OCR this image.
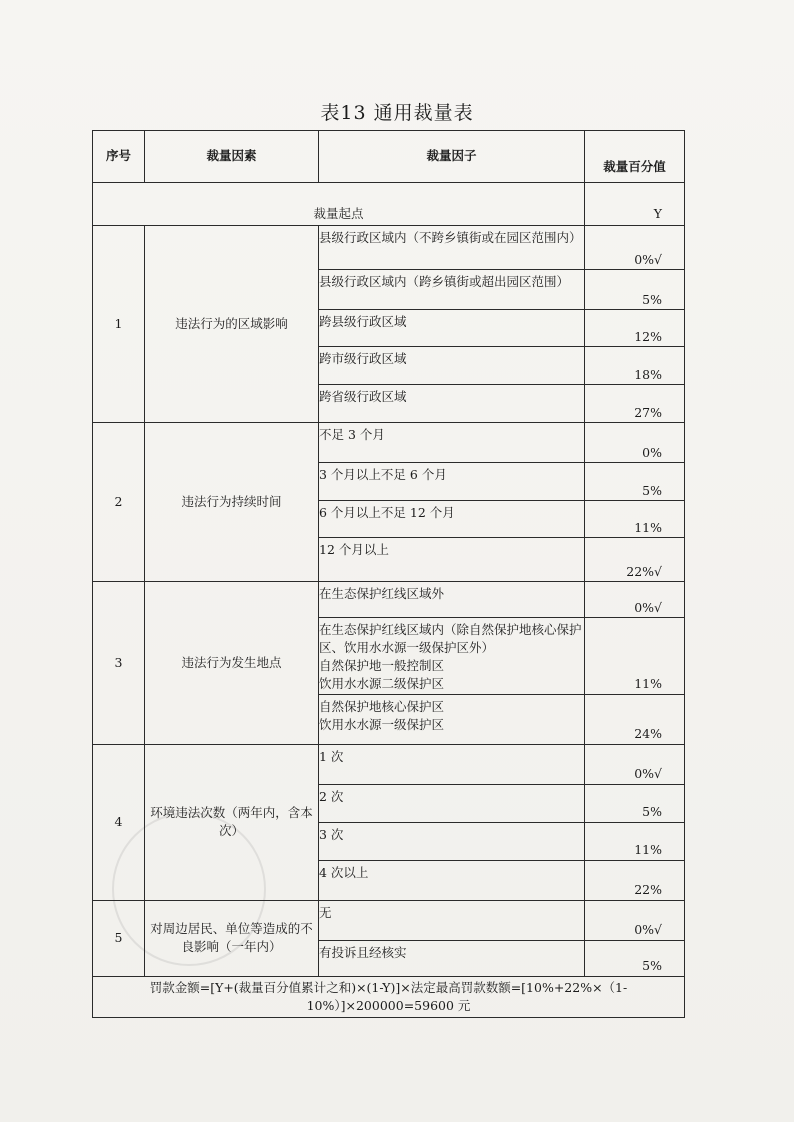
表13 通用裁量表
序号	裁量因素	裁量因子	裁量百分值
裁量起点			Y
1	违法行为的区域影响	县级行政区域内（不跨乡镇街或在园区范围内）	0%√
		县级行政区域内（跨乡镇街或超出园区范围）	5%
		跨县级行政区域	12%
		跨市级行政区域	18%
		跨省级行政区域	27%
2	违法行为持续时间	不足 3 个月	0%
		3 个月以上不足 6 个月	5%
		6 个月以上不足 12 个月	11%
		12 个月以上	22%√
3	违法行为发生地点	在生态保护红线区域外	0%√
		在生态保护红线区域内（除自然保护地核心保护区、饮用水水源一级保护区外）
自然保护地一般控制区
饮用水水源二级保护区	11%
		自然保护地核心保护区
饮用水水源一级保护区	24%
4	环境违法次数（两年内，含本次）	1 次	0%√
		2 次	5%
		3 次	11%
		4 次以上	22%
5	对周边居民、单位等造成的不良影响（一年内）	无	0%√
		有投诉且经核实	5%
罚款金额=[Y+(裁量百分值累计之和)×(1-Y)]×法定最高罚款数额=[10%+22%×（1-10%）]×200000=59600 元			
